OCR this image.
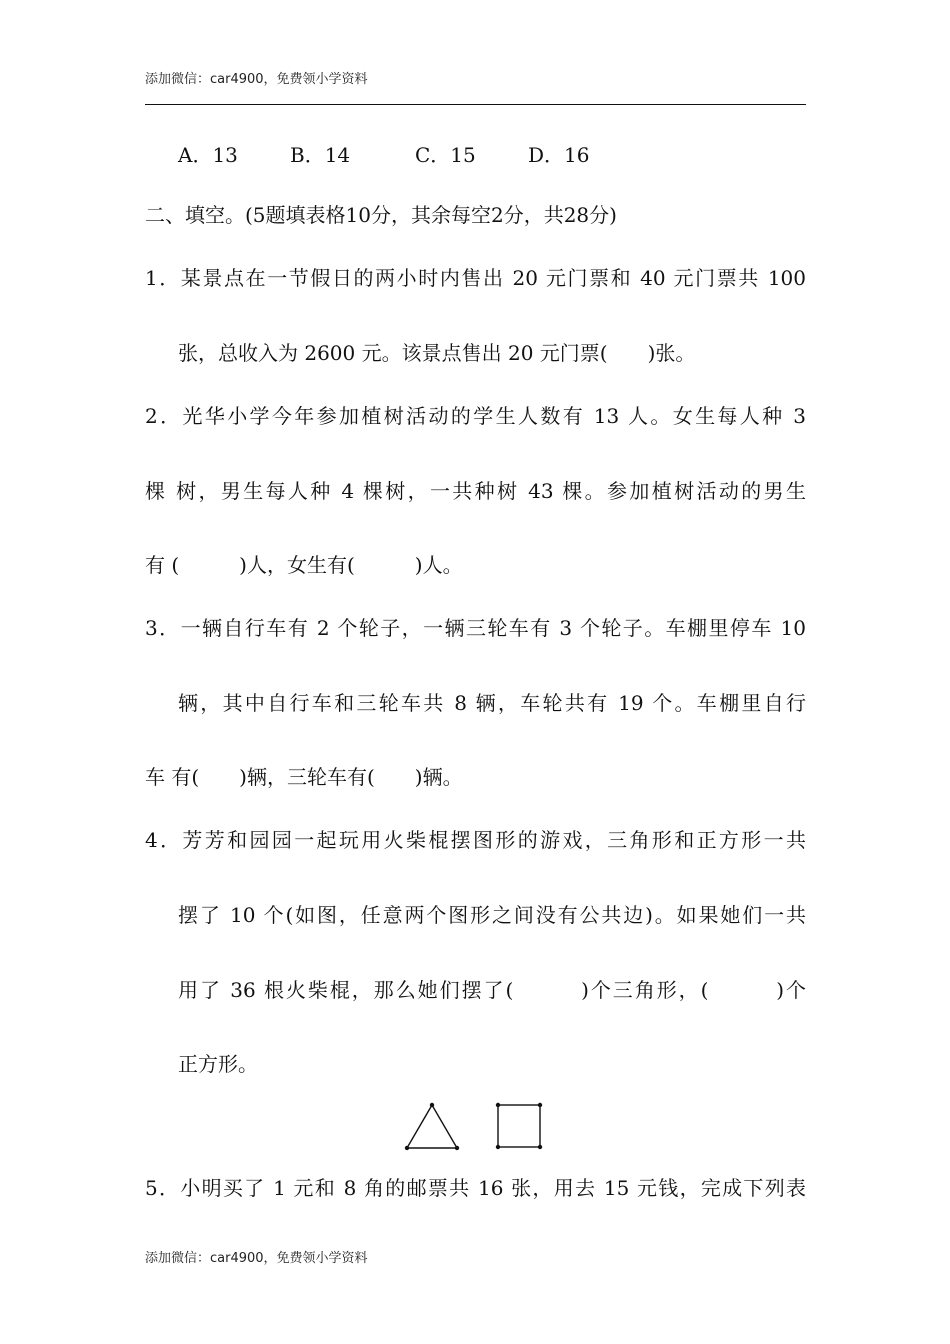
添加微信：car4900，免费领小学资料
A．13	B．14	C．15	D．16
二、填空。(5题填表格10分，其余每空2分，共28分)
1．某景点在一节假日的两小时内售出 20 元门票和 40 元门票共 100
张，总收入为 2600 元。该景点售出 20 元门票(　　)张。
2．光华小学今年参加植树活动的学生人数有 13 人。女生每人种 3
棵 树，男生每人种 4 棵树，一共种树 43 棵。参加植树活动的男生
有 (　　　)人，女生有(　　　)人。
3．一辆自行车有 2 个轮子，一辆三轮车有 3 个轮子。车棚里停车 10
辆，其中自行车和三轮车共 8 辆，车轮共有 19 个。车棚里自行
车 有(　　)辆，三轮车有(　　)辆。
4．芳芳和园园一起玩用火柴棍摆图形的游戏，三角形和正方形一共
摆了 10 个(如图，任意两个图形之间没有公共边)。如果她们一共
用了 36 根火柴棍，那么她们摆了(　　　)个三角形，(　　　)个
正方形。
5．小明买了 1 元和 8 角的邮票共 16 张，用去 15 元钱，完成下列表
添加微信：car4900，免费领小学资料
